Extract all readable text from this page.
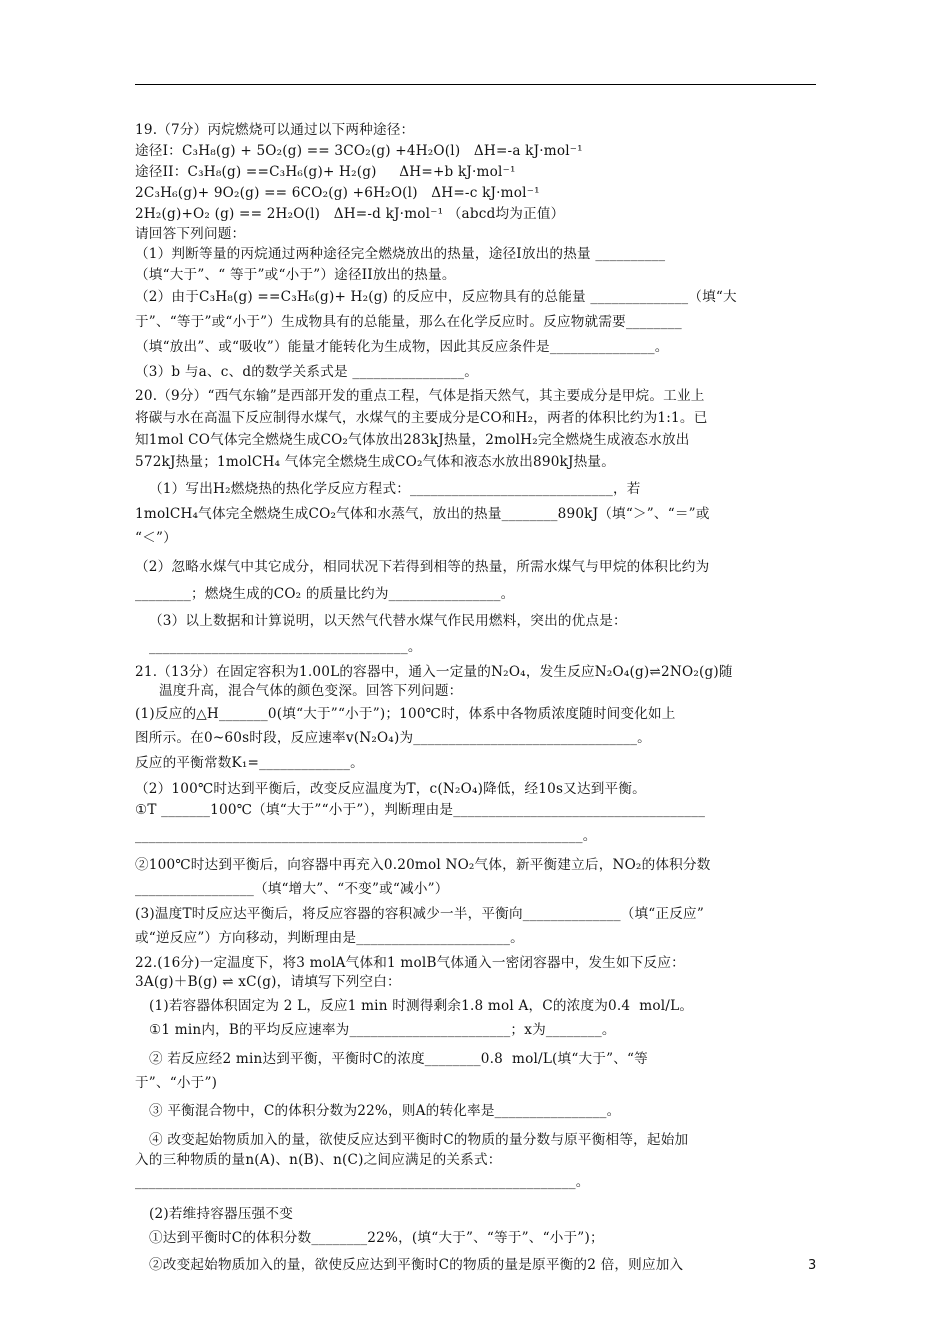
19.（7分）丙烷燃烧可以通过以下两种途径：
途径I：C₃H₈(g) + 5O₂(g) == 3CO₂(g) +4H₂O(l)   ΔH=-a kJ·mol⁻¹
途径II：C₃H₈(g) ==C₃H₆(g)+ H₂(g)     ΔH=+b kJ·mol⁻¹
2C₃H₆(g)+ 9O₂(g) == 6CO₂(g) +6H₂O(l)   ΔH=-c kJ·mol⁻¹
2H₂(g)+O₂ (g) == 2H₂O(l)   ΔH=-d kJ·mol⁻¹ （abcd均为正值）
请回答下列问题：
（1）判断等量的丙烷通过两种途径完全燃烧放出的热量，途径I放出的热量 __________
（填“大于”、“ 等于”或“小于”）途径II放出的热量。
（2）由于C₃H₈(g) ==C₃H₆(g)+ H₂(g) 的反应中，反应物具有的总能量 ______________（填“大
于”、“等于”或“小于”）生成物具有的总能量，那么在化学反应时。反应物就需要________
（填“放出”、或“吸收”）能量才能转化为生成物，因此其反应条件是_______________。
（3）b 与a、c、d的数学关系式是 ________________。
20.（9分）“西气东输”是西部开发的重点工程，气体是指天然气，其主要成分是甲烷。工业上
将碳与水在高温下反应制得水煤气，水煤气的主要成分是CO和H₂，两者的体积比约为1:1。已
知1mol CO气体完全燃烧生成CO₂气体放出283kJ热量，2molH₂完全燃烧生成液态水放出
572kJ热量；1molCH₄ 气体完全燃烧生成CO₂气体和液态水放出890kJ热量。
（1）写出H₂燃烧热的热化学反应方程式：_____________________________，若
1molCH₄气体完全燃烧生成CO₂气体和水蒸气，放出的热量________890kJ（填“＞”、“＝”或
“＜”）
（2）忽略水煤气中其它成分，相同状况下若得到相等的热量，所需水煤气与甲烷的体积比约为
________；燃烧生成的CO₂ 的质量比约为________________。
（3）以上数据和计算说明，以天然气代替水煤气作民用燃料，突出的优点是：
_____________________________________。
21.（13分）在固定容积为1.00L的容器中，通入一定量的N₂O₄，发生反应N₂O₄(g)⇌2NO₂(g)随
温度升高，混合气体的颜色变深。回答下列问题：
(1)反应的△H_______0(填“大于”“小于”)；100℃时，体系中各物质浓度随时间变化如上
图所示。在0~60s时段，反应速率v(N₂O₄)为________________________________。
反应的平衡常数K₁=_____________。
（2）100℃时达到平衡后，改变反应温度为T，c(N₂O₄)降低，经10s又达到平衡。
①T _______100℃（填“大于”“小于”），判断理由是____________________________________
________________________________________________________________。
②100℃时达到平衡后，向容器中再充入0.20mol NO₂气体，新平衡建立后，NO₂的体积分数
_________________（填“增大”、“不变”或“减小”）
(3)温度T时反应达平衡后，将反应容器的容积减少一半，平衡向______________（填“正反应”
或“逆反应”）方向移动，判断理由是______________________。
22.(16分)一定温度下，将3 molA气体和1 molB气体通入一密闭容器中，发生如下反应：
3A(g)＋B(g) ⇌ xC(g)，请填写下列空白：
(1)若容器体积固定为 2 L，反应1 min 时测得剩余1.8 mol A，C的浓度为0.4  mol/L。
①1 min内，B的平均反应速率为_______________________；x为________。
② 若反应经2 min达到平衡，平衡时C的浓度________0.8  mol/L(填“大于”、“等
于”、“小于”)
③ 平衡混合物中，C的体积分数为22%，则A的转化率是________________。
④ 改变起始物质加入的量，欲使反应达到平衡时C的物质的量分数与原平衡相等，起始加
入的三种物质的量n(A)、n(B)、n(C)之间应满足的关系式：
_______________________________________________________________。
(2)若维持容器压强不变
①达到平衡时C的体积分数________22%，(填“大于”、“等于”、“小于”)；
②改变起始物质加入的量，欲使反应达到平衡时C的物质的量是原平衡的2 倍，则应加入	3
